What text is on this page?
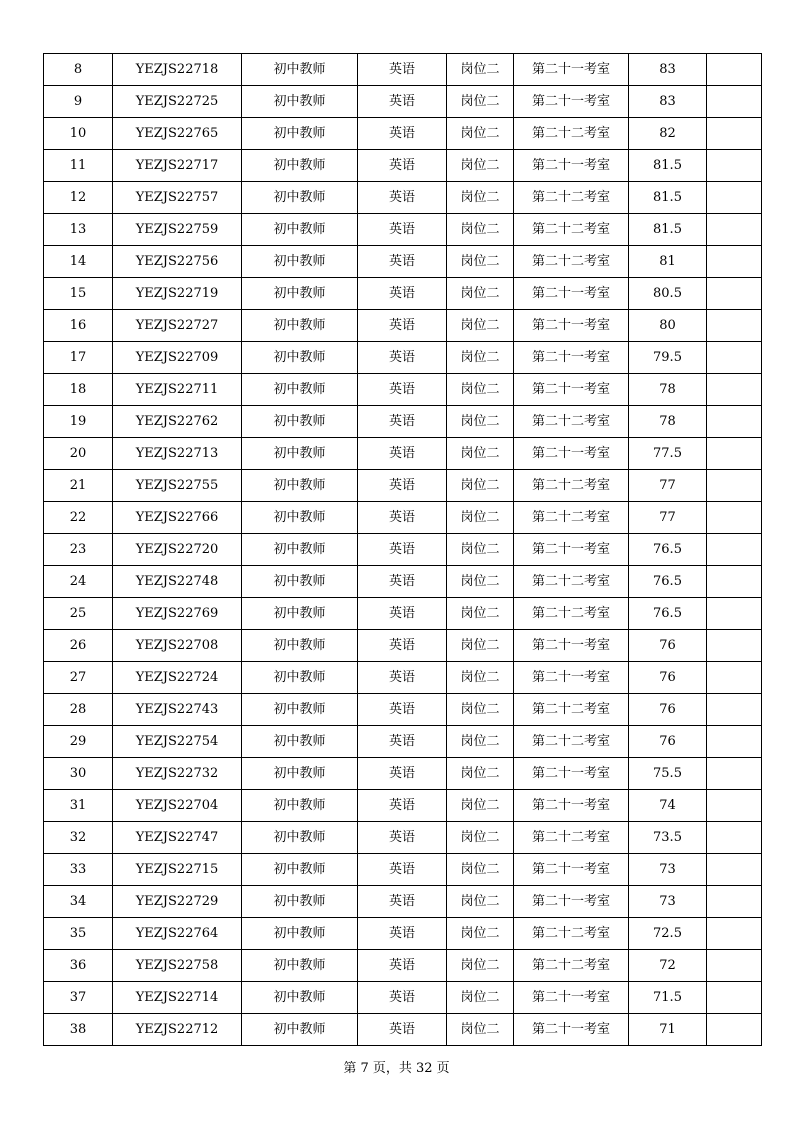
8	YEZJS22718	初中教师	英语	岗位二	第二十一考室	83	
9	YEZJS22725	初中教师	英语	岗位二	第二十一考室	83	
10	YEZJS22765	初中教师	英语	岗位二	第二十二考室	82	
11	YEZJS22717	初中教师	英语	岗位二	第二十一考室	81.5	
12	YEZJS22757	初中教师	英语	岗位二	第二十二考室	81.5	
13	YEZJS22759	初中教师	英语	岗位二	第二十二考室	81.5	
14	YEZJS22756	初中教师	英语	岗位二	第二十二考室	81	
15	YEZJS22719	初中教师	英语	岗位二	第二十一考室	80.5	
16	YEZJS22727	初中教师	英语	岗位二	第二十一考室	80	
17	YEZJS22709	初中教师	英语	岗位二	第二十一考室	79.5	
18	YEZJS22711	初中教师	英语	岗位二	第二十一考室	78	
19	YEZJS22762	初中教师	英语	岗位二	第二十二考室	78	
20	YEZJS22713	初中教师	英语	岗位二	第二十一考室	77.5	
21	YEZJS22755	初中教师	英语	岗位二	第二十二考室	77	
22	YEZJS22766	初中教师	英语	岗位二	第二十二考室	77	
23	YEZJS22720	初中教师	英语	岗位二	第二十一考室	76.5	
24	YEZJS22748	初中教师	英语	岗位二	第二十二考室	76.5	
25	YEZJS22769	初中教师	英语	岗位二	第二十二考室	76.5	
26	YEZJS22708	初中教师	英语	岗位二	第二十一考室	76	
27	YEZJS22724	初中教师	英语	岗位二	第二十一考室	76	
28	YEZJS22743	初中教师	英语	岗位二	第二十二考室	76	
29	YEZJS22754	初中教师	英语	岗位二	第二十二考室	76	
30	YEZJS22732	初中教师	英语	岗位二	第二十一考室	75.5	
31	YEZJS22704	初中教师	英语	岗位二	第二十一考室	74	
32	YEZJS22747	初中教师	英语	岗位二	第二十二考室	73.5	
33	YEZJS22715	初中教师	英语	岗位二	第二十一考室	73	
34	YEZJS22729	初中教师	英语	岗位二	第二十一考室	73	
35	YEZJS22764	初中教师	英语	岗位二	第二十二考室	72.5	
36	YEZJS22758	初中教师	英语	岗位二	第二十二考室	72	
37	YEZJS22714	初中教师	英语	岗位二	第二十一考室	71.5	
38	YEZJS22712	初中教师	英语	岗位二	第二十一考室	71	
第 7 页，共 32 页
